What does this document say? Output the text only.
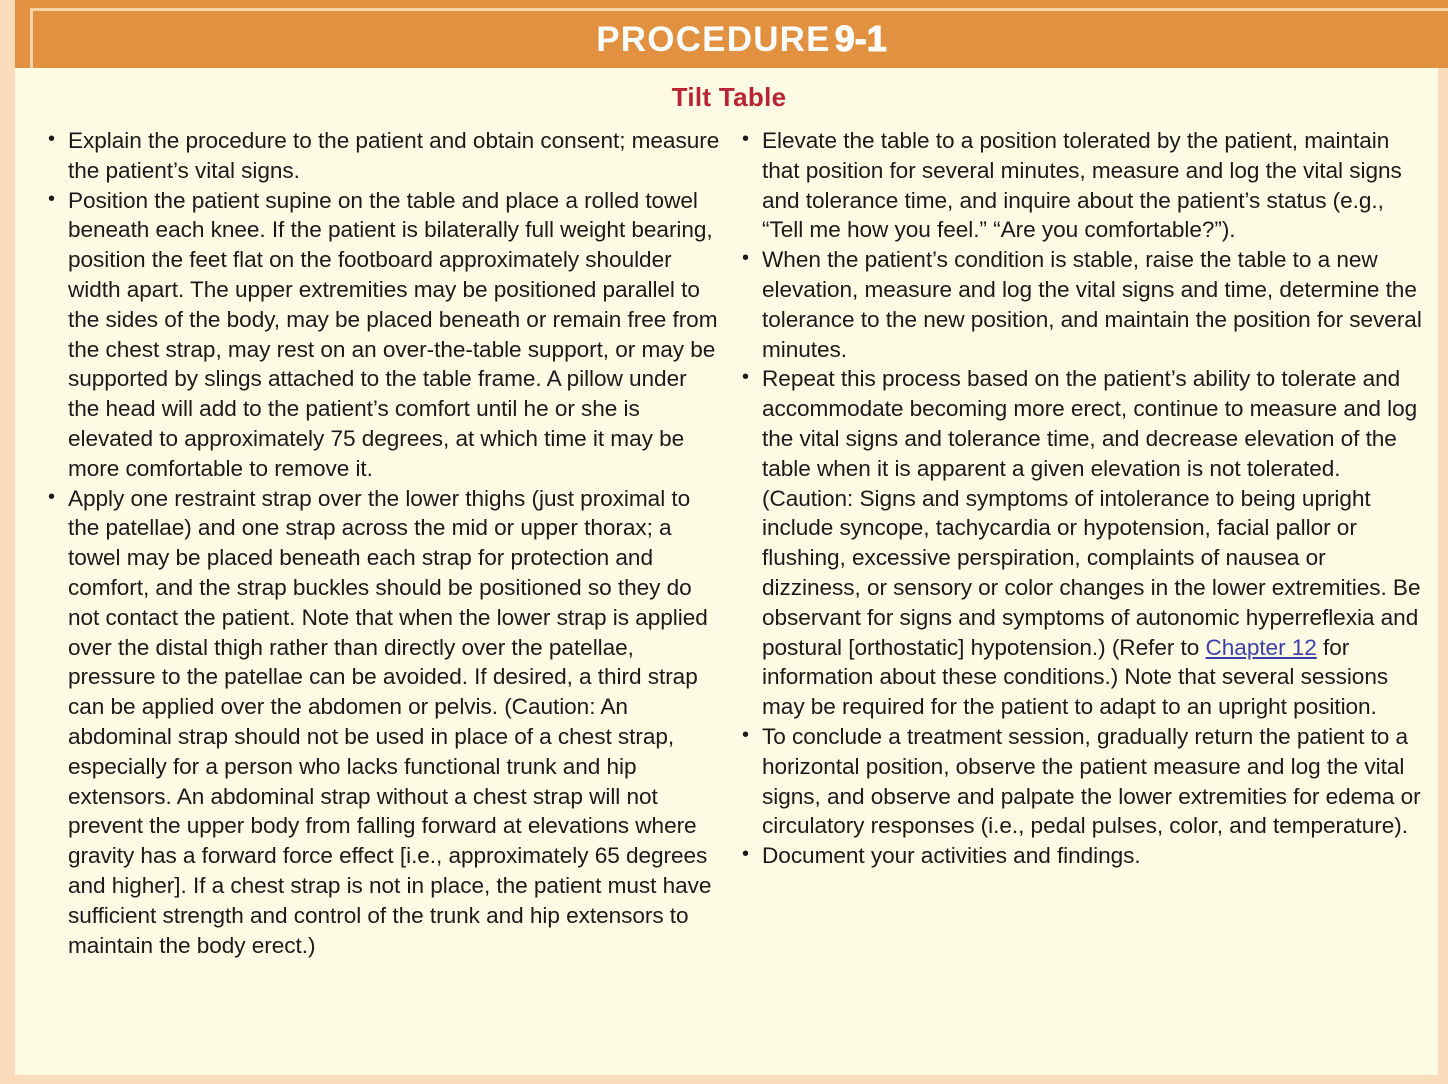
PROCEDURE 9-1
Tilt Table
• Explain the procedure to the patient and obtain consent; measure the patient’s vital signs.
• Position the patient supine on the table and place a rolled towel beneath each knee. If the patient is bilaterally full weight bearing, position the feet flat on the footboard approximately shoulder width apart. The upper extremities may be positioned parallel to the sides of the body, may be placed beneath or remain free from the chest strap, may rest on an over-the-table support, or may be supported by slings attached to the table frame. A pillow under the head will add to the patient’s comfort until he or she is elevated to approximately 75 degrees, at which time it may be more comfortable to remove it.
• Apply one restraint strap over the lower thighs (just proximal to the patellae) and one strap across the mid or upper thorax; a towel may be placed beneath each strap for protection and comfort, and the strap buckles should be positioned so they do not contact the patient. Note that when the lower strap is applied over the distal thigh rather than directly over the patellae, pressure to the patellae can be avoided. If desired, a third strap can be applied over the abdomen or pelvis. (Caution: An abdominal strap should not be used in place of a chest strap, especially for a person who lacks functional trunk and hip extensors. An abdominal strap without a chest strap will not prevent the upper body from falling forward at elevations where gravity has a forward force effect [i.e., approximately 65 degrees and higher]. If a chest strap is not in place, the patient must have sufficient strength and control of the trunk and hip extensors to maintain the body erect.)
• Elevate the table to a position tolerated by the patient, maintain that position for several minutes, measure and log the vital signs and tolerance time, and inquire about the patient’s status (e.g., “Tell me how you feel.” “Are you comfortable?”).
• When the patient’s condition is stable, raise the table to a new elevation, measure and log the vital signs and time, determine the tolerance to the new position, and maintain the position for several minutes.
• Repeat this process based on the patient’s ability to tolerate and accommodate becoming more erect, continue to measure and log the vital signs and tolerance time, and decrease elevation of the table when it is apparent a given elevation is not tolerated. (Caution: Signs and symptoms of intolerance to being upright include syncope, tachycardia or hypotension, facial pallor or flushing, excessive perspiration, complaints of nausea or dizziness, or sensory or color changes in the lower extremities. Be observant for signs and symptoms of autonomic hyperreflexia and postural [orthostatic] hypotension.) (Refer to Chapter 12 for information about these conditions.) Note that several sessions may be required for the patient to adapt to an upright position.
• To conclude a treatment session, gradually return the patient to a horizontal position, observe the patient measure and log the vital signs, and observe and palpate the lower extremities for edema or circulatory responses (i.e., pedal pulses, color, and temperature).
• Document your activities and findings.
